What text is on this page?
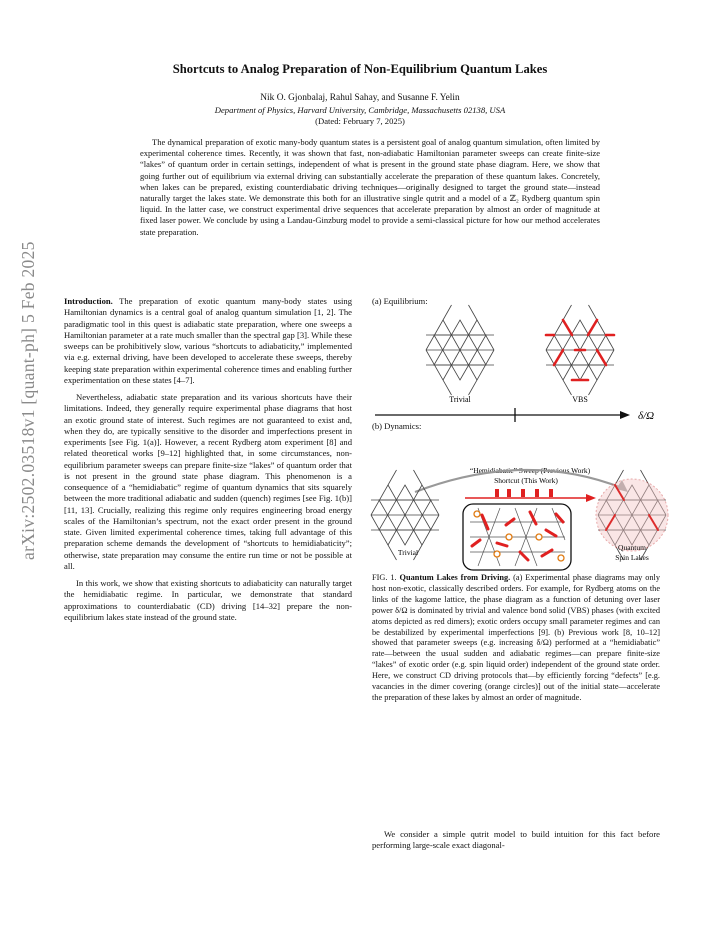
arXiv:2502.03518v1 [quant-ph] 5 Feb 2025
Shortcuts to Analog Preparation of Non-Equilibrium Quantum Lakes
Nik O. Gjonbalaj, Rahul Sahay, and Susanne F. Yelin
Department of Physics, Harvard University, Cambridge, Massachusetts 02138, USA
(Dated: February 7, 2025)
The dynamical preparation of exotic many-body quantum states is a persistent goal of analog quantum simulation, often limited by experimental coherence times. Recently, it was shown that fast, non-adiabatic Hamiltonian parameter sweeps can create finite-size “lakes” of quantum order in certain settings, independent of what is present in the ground state phase diagram. Here, we show that going further out of equilibrium via external driving can substantially accelerate the preparation of these quantum lakes. Concretely, when lakes can be prepared, existing counterdiabatic driving techniques—originally designed to target the ground state—instead naturally target the lakes state. We demonstrate this both for an illustrative single qutrit and a model of a ℤ₂ Rydberg quantum spin liquid. In the latter case, we construct experimental drive sequences that accelerate preparation by almost an order of magnitude at fixed laser power. We conclude by using a Landau-Ginzburg model to provide a semi-classical picture for how our method accelerates state preparation.

Introduction. The preparation of exotic quantum many-body states using Hamiltonian dynamics is a central goal of analog quantum simulation [1, 2]. The paradigmatic tool in this quest is adiabatic state preparation, where one sweeps a Hamiltonian parameter at a rate much smaller than the spectral gap [3]. While these sweeps can be prohibitively slow, various “shortcuts to adiabaticity,” implemented via e.g. external driving, have been developed to accelerate these sweeps, thereby keeping state preparation within experimental coherence times and enabling further experimentation on these states [4–7].

Nevertheless, adiabatic state preparation and its various shortcuts have their limitations. Indeed, they generally require experimental phase diagrams that host an exotic ground state of interest. Such regimes are not guaranteed to exist and, when they do, are typically sensitive to the disorder and imperfections present in experiments [see Fig. 1(a)]. However, a recent Rydberg atom experiment [8] and related theoretical works [9–12] highlighted that, in some circumstances, non-equilibrium parameter sweeps can prepare finite-size “lakes” of quantum order that is not present in the ground state phase diagram. This phenomenon is a consequence of a “hemidiabatic” regime of quantum dynamics that sits squarely between the more traditional adiabatic and sudden (quench) regimes [see Fig. 1(b)] [11, 13]. Crucially, realizing this regime only requires engineering broad energy scales of the Hamiltonian’s spectrum, not the exact order present in the ground state. Given limited experimental coherence times, taking full advantage of this preparation scheme demands the development of “shortcuts to hemidiabaticity”; otherwise, state preparation may consume the entire run time or not be possible at all.

In this work, we show that existing shortcuts to adiabaticity can naturally target the hemidiabatic regime. In particular, we demonstrate that standard approximations to counterdiabatic (CD) driving [14–32] prepare the non-equilibrium lakes state instead of the ground state.

(a) Equilibrium:
(b) Dynamics:
Trivial	VBS
δ/Ω
“Hemidiabatic” Sweep (Previous Work)
Trivial
Shortcut (This Work)
Quantum
Spin Lakes
FIG. 1. Quantum Lakes from Driving. (a) Experimental phase diagrams may only host non-exotic, classically described orders. For example, for Rydberg atoms on the links of the kagome lattice, the phase diagram as a function of detuning over laser power δ/Ω is dominated by trivial and valence bond solid (VBS) phases (with excited atoms depicted as red dimers); exotic orders occupy small parameter regimes and can be destabilized by experimental imperfections [9]. (b) Previous work [8, 10–12] showed that parameter sweeps (e.g. increasing δ/Ω) performed at a “hemidiabatic” rate—between the usual sudden and adiabatic regimes—can prepare finite-size “lakes” of exotic order (e.g. spin liquid order) independent of the ground state order. Here, we construct CD driving protocols that—by efficiently forcing “defects” [e.g. vacancies in the dimer covering (orange circles)] out of the initial state—accelerate the preparation of these lakes by almost an order of magnitude.

We consider a simple qutrit model to build intuition for this fact before performing large-scale exact diagonal-
